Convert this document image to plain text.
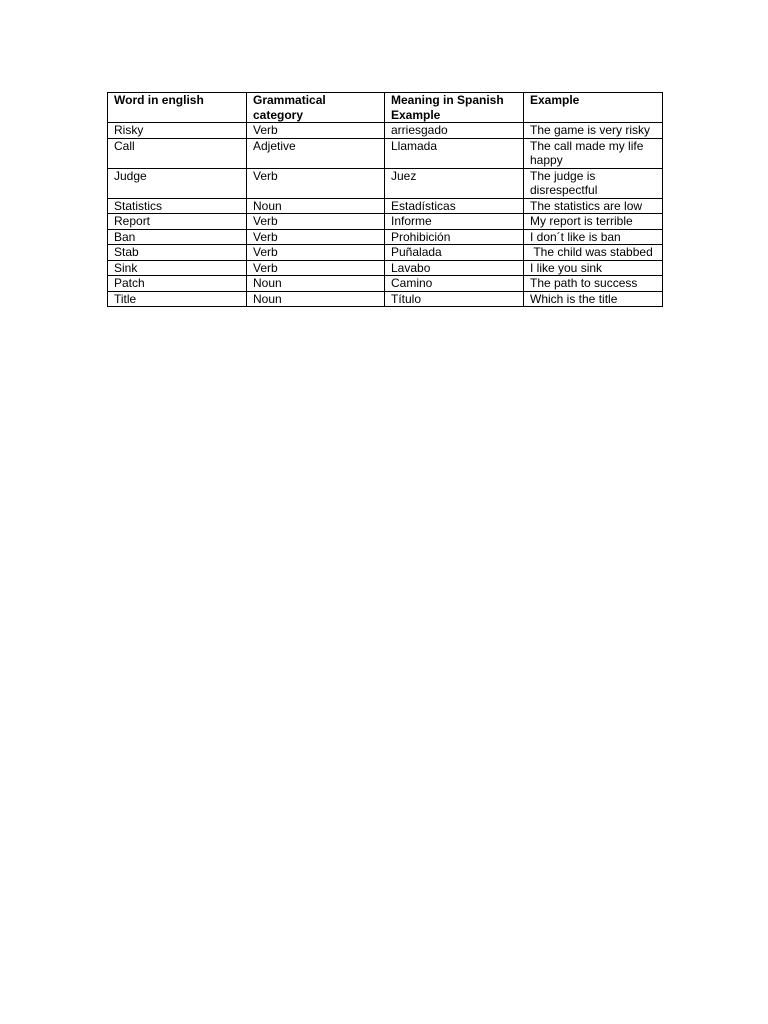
Word in english	Grammatical category	Meaning in Spanish Example	Example
Risky	Verb	arriesgado	The game is very risky
Call	Adjetive	Llamada	The call made my life happy
Judge	Verb	Juez	The judge is disrespectful
Statistics	Noun	Estadísticas	The statistics are low
Report	Verb	Informe	My report is terrible
Ban	Verb	Prohibición	I don´t like is ban
Stab	Verb	Puñalada	The child was stabbed
Sink	Verb	Lavabo	I like you sink
Patch	Noun	Camino	The path to success
Title	Noun	Título	Which is the title
